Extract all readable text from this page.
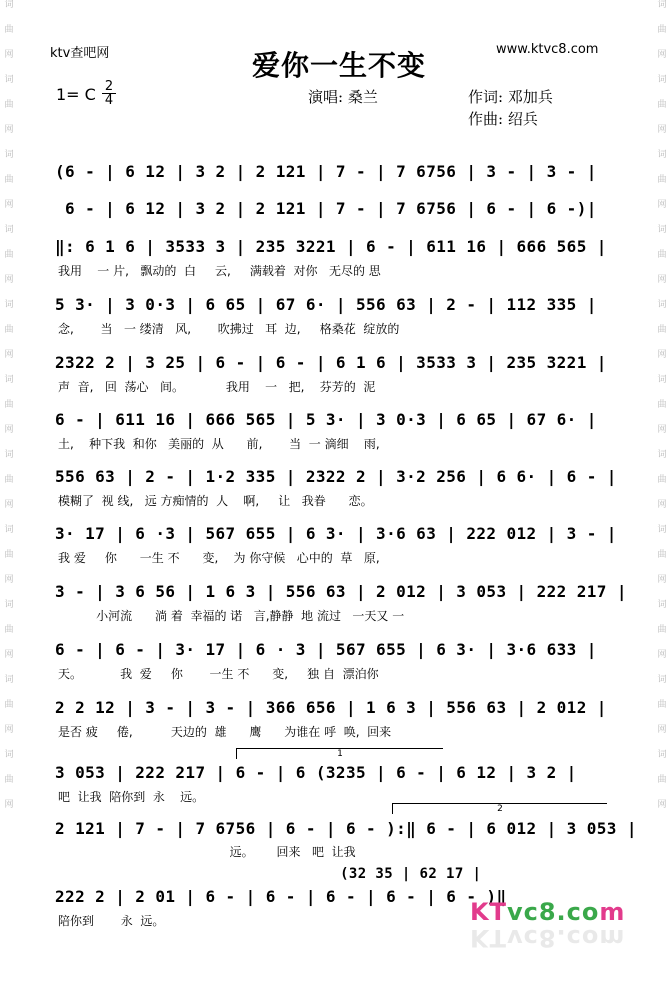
词
曲
网
词
曲
网
词
曲
网
词
曲
网
词
曲
网
词
曲
网
词
曲
网
词
曲
网
词
曲
网
词
曲
网
词
曲
网
词
曲
网
词
曲
网
词
曲
网
词
曲
网
词
曲
网
词
曲
网
词
曲
网
词
曲
网
词
曲
网
词
曲
网
词
曲
网
ktv查吧网	www.ktvc8.com
爱你一生不变
1= C $\frac{2}{4}$	演唱: 桑兰	作词: 邓加兵
作曲: 绍兵
(6 - | 6 12 | 3 2 | 2 121 | 7 - | 7 6756 | 3 - | 3 - |
6 - | 6 12 | 3 2 | 2 121 | 7 - | 7 6756 | 6 - | 6 -)|
‖: 6 1 6 | 3533 3 | 235 3221 | 6 - | 611 16 | 666 565 |
我用    一 片,   飘动的  白     云,     满载着  对你   无尽的 思
5 3· | 3 0·3 | 6 65 | 67 6· | 556 63 | 2 - | 112 335 |
念,       当   一 缕清   风,       吹拂过   耳  边,     格桑花  绽放的
2322 2 | 3 25 | 6 - | 6 - | 6 1 6 | 3533 3 | 235 3221 |
声  音,   回  荡心   间。           我用    一   把,    芬芳的  泥
6 - | 611 16 | 666 565 | 5 3· | 3 0·3 | 6 65 | 67 6· |
土,    种下我  和你   美丽的  从      前,       当  一 滴细    雨,
556 63 | 2 - | 1·2 335 | 2322 2 | 3·2 256 | 6 6· | 6 - |
模糊了  视 线,   远 方痴情的  人    啊,     让   我眷      恋。
3· 17 | 6 ·3 | 567 655 | 6 3· | 3·6 63 | 222 012 | 3 - |
我 爱     你      一生 不      变,    为 你守候   心中的  草   原,
3 - | 3 6 56 | 1 6 3 | 556 63 | 2 012 | 3 053 | 222 217 |
小河流      淌 着  幸福的 诺   言,静静  地 流过   一天又 一
6 - | 6 - | 3· 17 | 6 · 3 | 567 655 | 6 3· | 3·6 633 |
天。          我  爱     你       一生 不      变,     独 自  漂泊你
2 2 12 | 3 - | 3 - | 366 656 | 1 6 3 | 556 63 | 2 012 |
是否 疲     倦,          天边的  雄      鹰      为谁在 呼  唤,  回来
1
3 053 | 222 217 | 6 - | 6 (3235 | 6 - | 6 12 | 3 2 |
吧  让我  陪你到  永    远。
2
2 121 | 7 - | 7 6756 | 6 - | 6 - ):‖ 6 - | 6 012 | 3 053 |
远。      回来   吧  让我
(32 35 | 62 17 |
222 2 | 2 01 | 6 - | 6 - | 6 - | 6 - | 6 - )‖
陪你到       永  远。	KTvc8.com
KTvc8.com
